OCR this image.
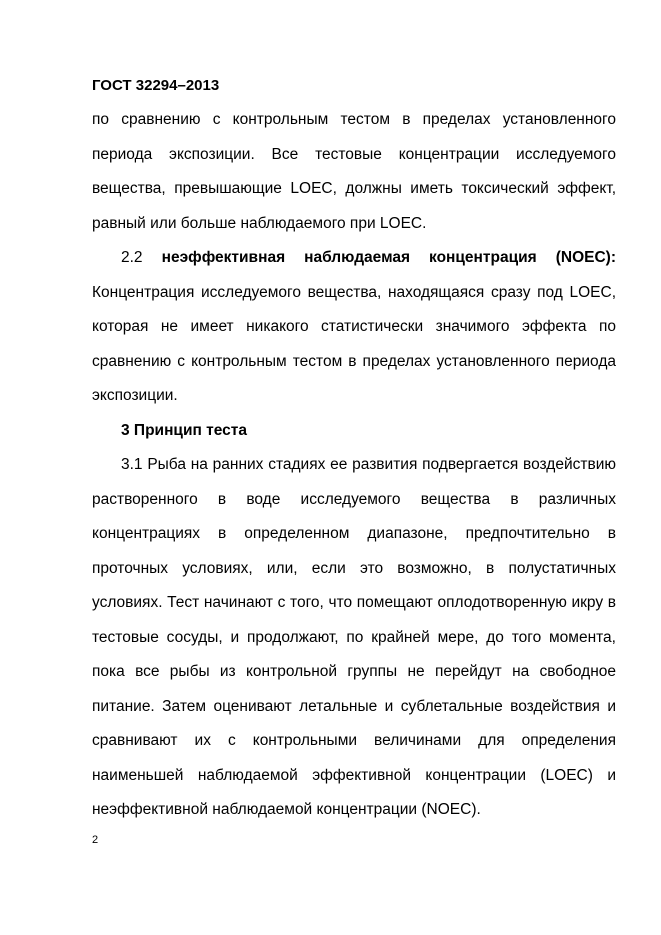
ГОСТ 32294–2013

по сравнению с контрольным тестом в пределах установленного периода экспозиции. Все тестовые концентрации исследуемого вещества, превышающие LOEC, должны иметь токсический эффект, равный или больше наблюдаемого при LOEC.

2.2 неэффективная наблюдаемая концентрация (NOEC): Концентрация исследуемого вещества, находящаяся сразу под LOEC, которая не имеет никакого статистически значимого эффекта по сравнению с контрольным тестом в пределах установленного периода экспозиции.

3 Принцип теста

3.1 Рыба на ранних стадиях ее развития подвергается воздействию растворенного в воде исследуемого вещества в различных концентрациях в определенном диапазоне, предпочтительно в проточных условиях, или, если это возможно, в полустатичных условиях. Тест начинают с того, что помещают оплодотворенную икру в тестовые сосуды, и продолжают, по крайней мере, до того момента, пока все рыбы из контрольной группы не перейдут на свободное питание. Затем оценивают летальные и сублетальные воздействия и сравнивают их с контрольными величинами для определения наименьшей наблюдаемой эффективной концентрации (LOEC) и неэффективной наблюдаемой концентрации (NOEC).

2
